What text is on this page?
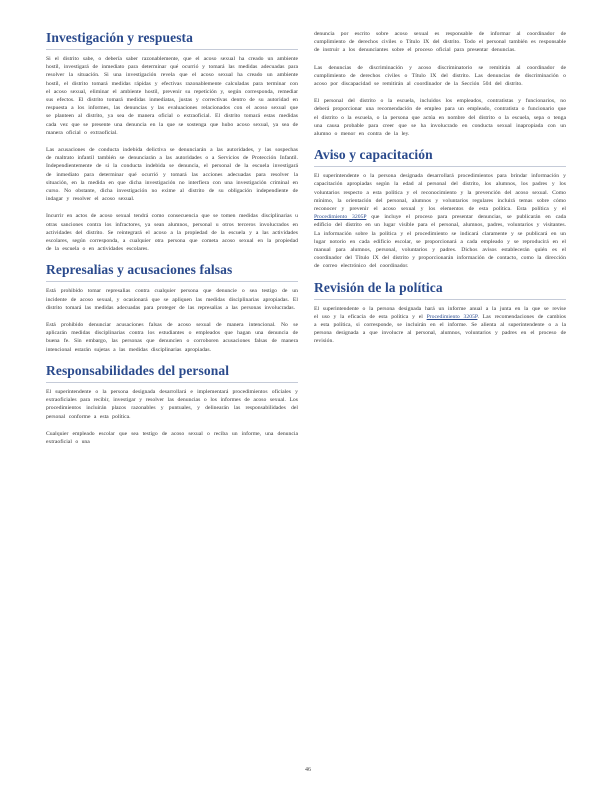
Investigación y respuesta

Si el distrito sabe, o debería saber razonablemente, que el acoso sexual ha creado un ambiente hostil, investigará de inmediato para determinar qué ocurrió y tomará las medidas adecuadas para resolver la situación. Si una investigación revela que el acoso sexual ha creado un ambiente hostil, el distrito tomará medidas rápidas y efectivas razonablemente calculadas para terminar con el acoso sexual, eliminar el ambiente hostil, prevenir su repetición y, según corresponda, remediar sus efectos. El distrito tomará medidas inmediatas, justas y correctivas dentro de su autoridad en respuesta a los informes, las denuncias y las evaluaciones relacionados con el acoso sexual que se planteen al distrito, ya sea de manera oficial o extraoficial. El distrito tomará estas medidas cada vez que se presente una denuncia en la que se sostenga que hubo acoso sexual, ya sea de manera oficial o extraoficial.

Las acusaciones de conducta indebida delictiva se denunciarán a las autoridades, y las sospechas de maltrato infantil también se denunciarán a las autoridades o a Servicios de Protección Infantil. Independientemente de si la conducta indebida se denuncia, el personal de la escuela investigará de inmediato para determinar qué ocurrió y tomará las acciones adecuadas para resolver la situación, en la medida en que dicha investigación no interfiera con una investigación criminal en curso. No obstante, dicha investigación no exime al distrito de su obligación independiente de indagar y resolver el acoso sexual.

Incurrir en actos de acoso sexual tendrá como consecuencia que se tomen medidas disciplinarias u otras sanciones contra los infractores, ya sean alumnos, personal u otros terceros involucrados en actividades del distrito. Se reintegrará el acoso a la propiedad de la escuela y a las actividades escolares, según corresponda, a cualquier otra persona que cometa acoso sexual en la propiedad de la escuela o en actividades escolares.

Represalias y acusaciones falsas

Está prohibido tomar represalias contra cualquier persona que denuncie o sea testigo de un incidente de acoso sexual, y ocasionará que se apliquen las medidas disciplinarias apropiadas. El distrito tomará las medidas adecuadas para proteger de las represalias a las personas involucradas.

Está prohibido denunciar acusaciones falsas de acoso sexual de manera intencional. No se aplicarán medidas disciplinarias contra los estudiantes o empleados que hagan una denuncia de buena fe. Sin embargo, las personas que denuncien o corroboren acusaciones falsas de manera intencional estarán sujetas a las medidas disciplinarias apropiadas.

Responsabilidades del personal

El superintendente o la persona designada desarrollará e implementará procedimientos oficiales y extraoficiales para recibir, investigar y resolver las denuncias o los informes de acoso sexual. Los procedimientos incluirán plazos razonables y puntuales, y delinearán las responsabilidades del personal conforme a esta política.

Cualquier empleado escolar que sea testigo de acoso sexual o reciba un informe, una denuncia extraoficial o una

denuncia por escrito sobre acoso sexual es responsable de informar al coordinador de cumplimiento de derechos civiles o Título IX del distrito. Todo el personal también es responsable de instruir a los denunciantes sobre el proceso oficial para presentar denuncias.

Las denuncias de discriminación y acoso discriminatorio se remitirán al coordinador de cumplimiento de derechos civiles o Título IX del distrito. Las denuncias de discriminación o acoso por discapacidad se remitirán al coordinador de la Sección 504 del distrito.

El personal del distrito o la escuela, incluidos los empleados, contratistas y funcionarios, no deberá proporcionar una recomendación de empleo para un empleado, contratista o funcionario que el distrito o la escuela, o la persona que actúa en nombre del distrito o la escuela, sepa o tenga una causa probable para creer que se ha involucrado en conducta sexual inapropiada con un alumno o menor en contra de la ley.

Aviso y capacitación

El superintendente o la persona designada desarrollará procedimientos para brindar información y capacitación apropiadas según la edad al personal del distrito, los alumnos, los padres y los voluntarios respecto a esta política y el reconocimiento y la prevención del acoso sexual. Como mínimo, la orientación del personal, alumnos y voluntarios regulares incluirá temas sobre cómo reconocer y prevenir el acoso sexual y los elementos de esta política. Esta política y el Procedimiento 3205P que incluye el proceso para presentar denuncias, se publicarán en cada edificio del distrito en un lugar visible para el personal, alumnos, padres, voluntarios y visitantes. La información sobre la política y el procedimiento se indicará claramente y se publicará en un lugar notorio en cada edificio escolar, se proporcionará a cada empleado y se reproducirá en el manual para alumnos, personal, voluntarios y padres. Dichos avisos establecerán quién es el coordinador del Título IX del distrito y proporcionarán información de contacto, como la dirección de correo electrónico del coordinador.

Revisión de la política

El superintendente o la persona designada hará un informe anual a la junta en la que se revise el uso y la eficacia de esta política y el Procedimiento 3205P. Las recomendaciones de cambios a esta política, si corresponde, se incluirán en el informe. Se alienta al superintendente o a la persona designada a que involucre al personal, alumnos, voluntarios y padres en el proceso de revisión.

46
